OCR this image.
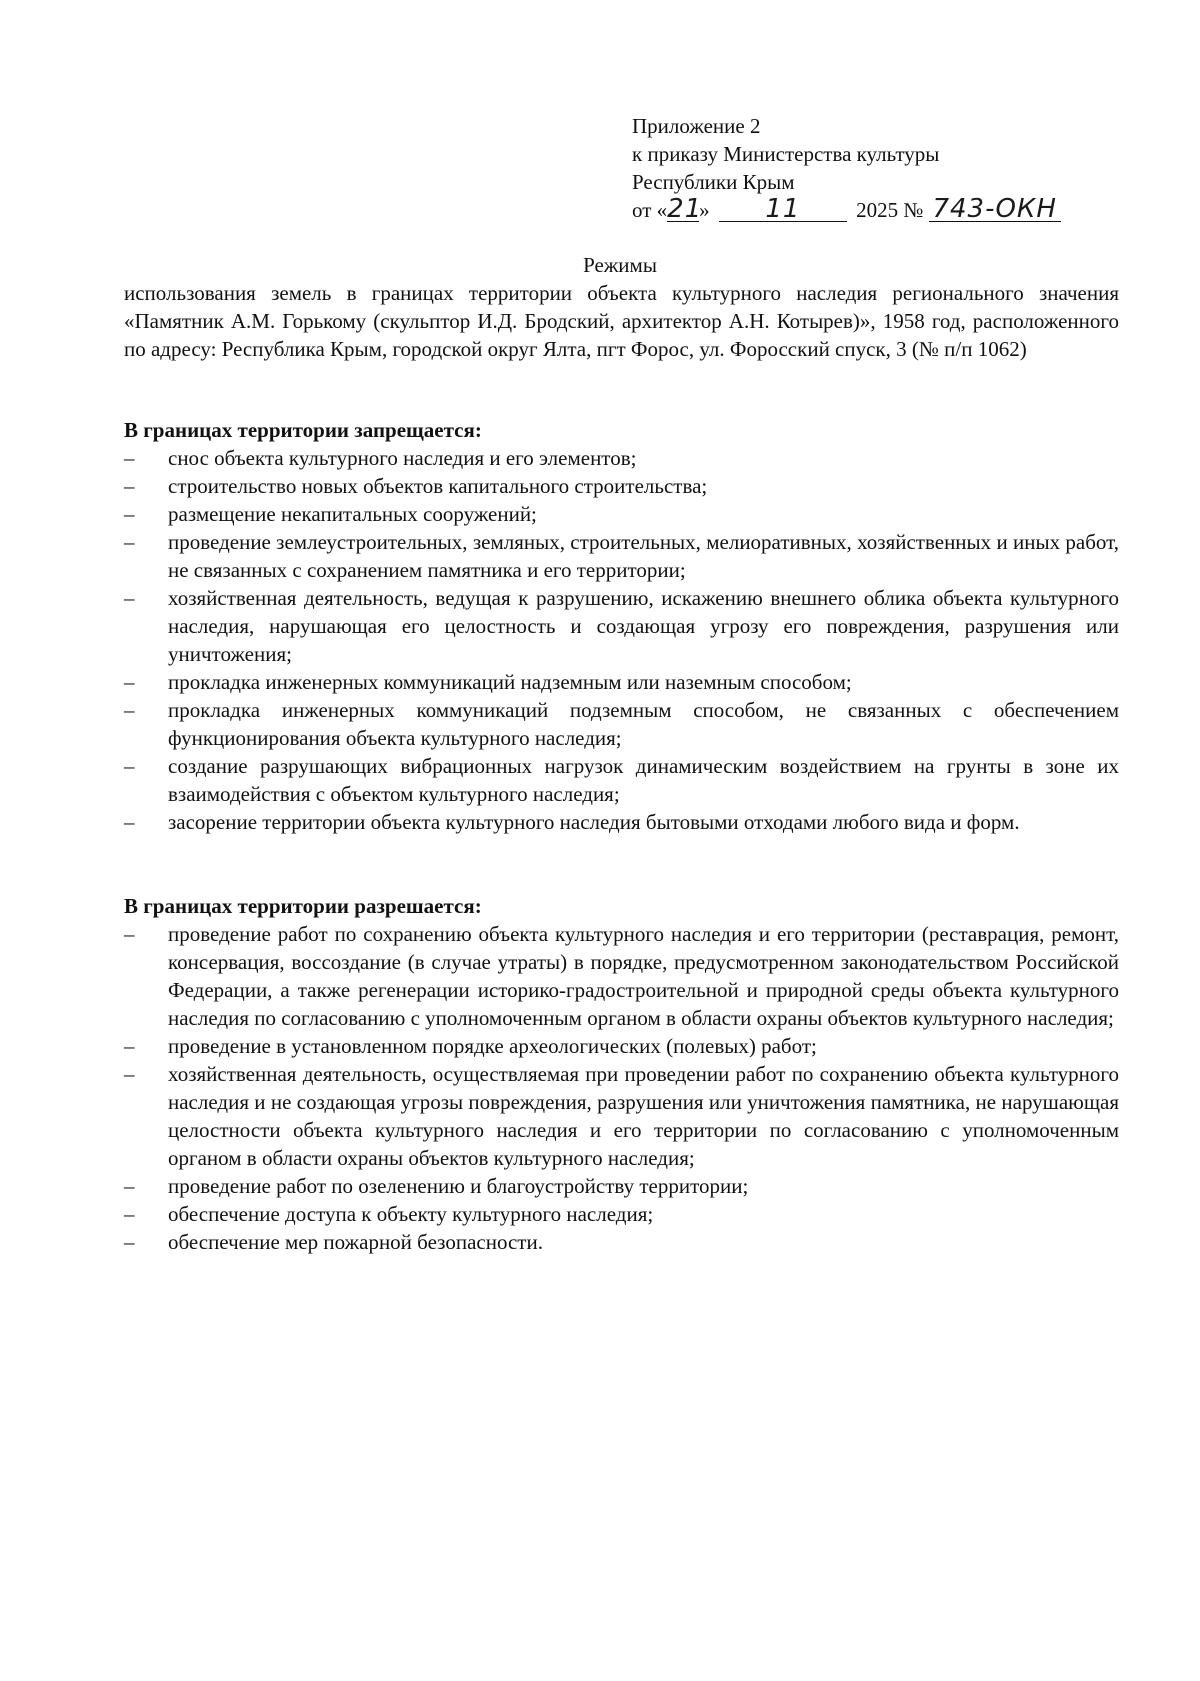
Приложение 2
к приказу Министерства культуры
Республики Крым
от «21» 11	2025 № 743-ОКН
Режимы
использования земель в границах территории объекта культурного наследия регионального значения «Памятник А.М. Горькому (скульптор И.Д. Бродский, архитектор А.Н. Котырев)», 1958 год, расположенного по адресу: Республика Крым, городской округ Ялта, пгт Форос, ул. Форосский спуск, 3 (№ п/п 1062)
В границах территории запрещается:
–	снос объекта культурного наследия и его элементов;
–	строительство новых объектов капитального строительства;
–	размещение некапитальных сооружений;
–	проведение землеустроительных, земляных, строительных, мелиоративных, хозяйственных и иных работ, не связанных с сохранением памятника и его территории;
–	хозяйственная деятельность, ведущая к разрушению, искажению внешнего облика объекта культурного наследия, нарушающая его целостность и создающая угрозу его повреждения, разрушения или уничтожения;
–	прокладка инженерных коммуникаций надземным или наземным способом;
–	прокладка инженерных коммуникаций подземным способом, не связанных с обеспечением функционирования объекта культурного наследия;
–	создание разрушающих вибрационных нагрузок динамическим воздействием на грунты в зоне их взаимодействия с объектом культурного наследия;
–	засорение территории объекта культурного наследия бытовыми отходами любого вида и форм.
В границах территории разрешается:
–	проведение работ по сохранению объекта культурного наследия и его территории (реставрация, ремонт, консервация, воссоздание (в случае утраты) в порядке, предусмотренном законодательством Российской Федерации, а также регенерации историко-градостроительной и природной среды объекта культурного наследия по согласованию с уполномоченным органом в области охраны объектов культурного наследия;
–	проведение в установленном порядке археологических (полевых) работ;
–	хозяйственная деятельность, осуществляемая при проведении работ по сохранению объекта культурного наследия и не создающая угрозы повреждения, разрушения или уничтожения памятника, не нарушающая целостности объекта культурного наследия и его территории по согласованию с уполномоченным органом в области охраны объектов культурного наследия;
–	проведение работ по озеленению и благоустройству территории;
–	обеспечение доступа к объекту культурного наследия;
–	обеспечение мер пожарной безопасности.
